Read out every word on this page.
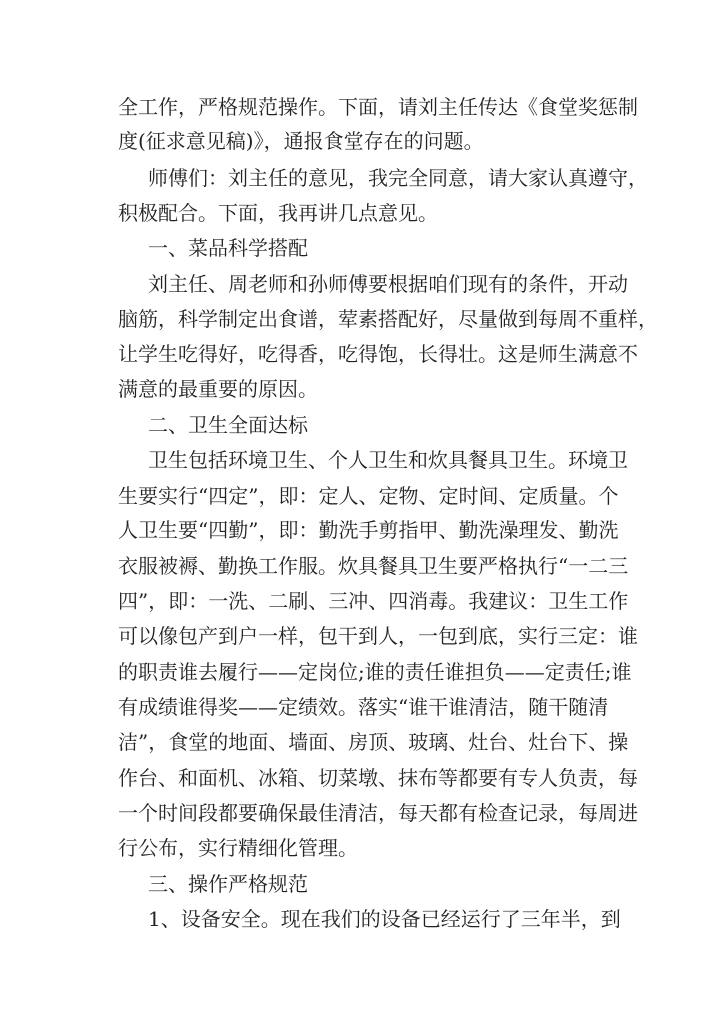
全工作，严格规范操作。下面，请刘主任传达《食堂奖惩制
度(征求意见稿)》，通报食堂存在的问题。
师傅们：刘主任的意见，我完全同意，请大家认真遵守，
积极配合。下面，我再讲几点意见。
一、菜品科学搭配
刘主任、周老师和孙师傅要根据咱们现有的条件，开动
脑筋，科学制定出食谱，荤素搭配好，尽量做到每周不重样，
让学生吃得好，吃得香，吃得饱，长得壮。这是师生满意不
满意的最重要的原因。
二、卫生全面达标
卫生包括环境卫生、个人卫生和炊具餐具卫生。环境卫
生要实行“四定”，即：定人、定物、定时间、定质量。个
人卫生要“四勤”，即：勤洗手剪指甲、勤洗澡理发、勤洗
衣服被褥、勤换工作服。炊具餐具卫生要严格执行“一二三
四”，即：一洗、二刷、三冲、四消毒。我建议：卫生工作
可以像包产到户一样，包干到人，一包到底，实行三定：谁
的职责谁去履行——定岗位;谁的责任谁担负——定责任;谁
有成绩谁得奖——定绩效。落实“谁干谁清洁，随干随清
洁”，食堂的地面、墙面、房顶、玻璃、灶台、灶台下、操
作台、和面机、冰箱、切菜墩、抹布等都要有专人负责，每
一个时间段都要确保最佳清洁，每天都有检查记录，每周进
行公布，实行精细化管理。
三、操作严格规范
1、设备安全。现在我们的设备已经运行了三年半，到
